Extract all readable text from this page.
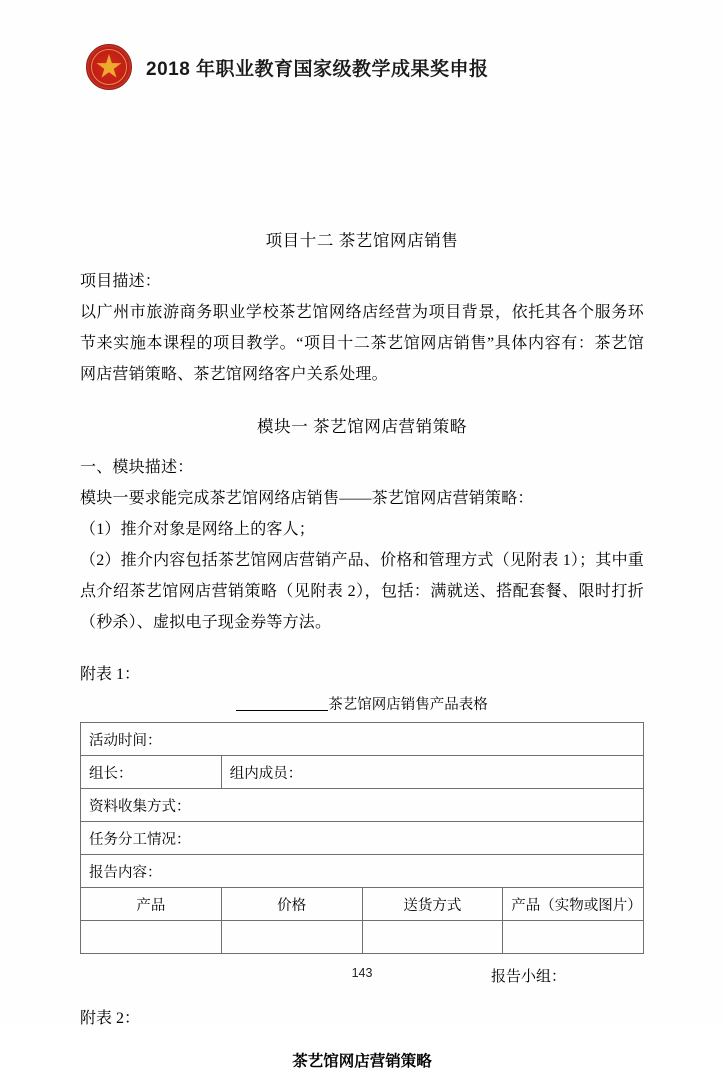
2018 年职业教育国家级教学成果奖申报
项目十二 茶艺馆网店销售
项目描述：
以广州市旅游商务职业学校茶艺馆网络店经营为项目背景，依托其各个服务环节来实施本课程的项目教学。“项目十二茶艺馆网店销售”具体内容有：茶艺馆网店营销策略、茶艺馆网络客户关系处理。
模块一 茶艺馆网店营销策略
一、模块描述：
模块一要求能完成茶艺馆网络店销售——茶艺馆网店营销策略：
（1）推介对象是网络上的客人；
（2）推介内容包括茶艺馆网店营销产品、价格和管理方式（见附表 1）；其中重点介绍茶艺馆网店营销策略（见附表 2），包括：满就送、搭配套餐、限时打折（秒杀）、虚拟电子现金券等方法。
附表 1：
茶艺馆网店销售产品表格
活动时间：			
组长：	组内成员：		
资料收集方式：			
任务分工情况：			
报告内容：			
产品	价格	送货方式	产品（实物或图片）

报告小组：
附表 2：
茶艺馆网店营销策略
143
